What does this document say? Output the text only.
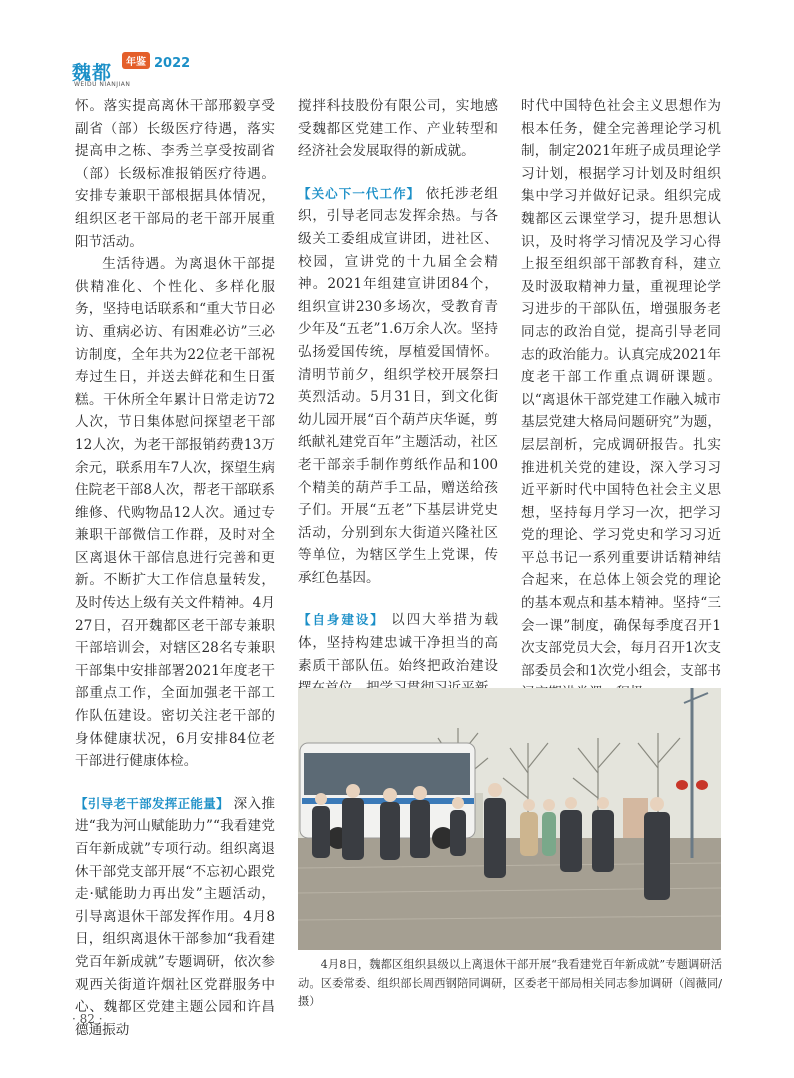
魏都	年鉴 2022
WEIDU NIANJIAN

怀。落实提高离休干部邢毅享受副省（部）长级医疗待遇，落实提高申之栋、李秀兰享受按副省（部）长级标准报销医疗待遇。安排专兼职干部根据具体情况，组织区老干部局的老干部开展重阳节活动。

生活待遇。为离退休干部提供精准化、个性化、多样化服务，坚持电话联系和“重大节日必访、重病必访、有困难必访”三必访制度，全年共为22位老干部祝寿过生日，并送去鲜花和生日蛋糕。干休所全年累计日常走访72人次，节日集体慰问探望老干部12人次，为老干部报销药费13万余元，联系用车7人次，探望生病住院老干部8人次，帮老干部联系维修、代购物品12人次。通过专兼职干部微信工作群，及时对全区离退休干部信息进行完善和更新。不断扩大工作信息量转发，及时传达上级有关文件精神。4月27日，召开魏都区老干部专兼职干部培训会，对辖区28名专兼职干部集中安排部署2021年度老干部重点工作，全面加强老干部工作队伍建设。密切关注老干部的身体健康状况，6月安排84位老干部进行健康体检。

【引导老干部发挥正能量】 深入推进“我为河山赋能助力”“我看建党百年新成就”专项行动。组织离退休干部党支部开展“不忘初心跟党走·赋能助力再出发”主题活动，引导离退休干部发挥作用。4月8日，组织离退休干部参加“我看建党百年新成就”专题调研，依次参观西关街道许烟社区党群服务中心、魏都区党建主题公园和许昌德通振动

搅拌科技股份有限公司，实地感受魏都区党建工作、产业转型和经济社会发展取得的新成就。

【关心下一代工作】 依托涉老组织，引导老同志发挥余热。与各级关工委组成宣讲团，进社区、校园，宣讲党的十九届全会精神。2021年组建宣讲团84个，组织宣讲230多场次，受教育青少年及“五老”1.6万余人次。坚持弘扬爱国传统，厚植爱国情怀。清明节前夕，组织学校开展祭扫英烈活动。5月31日，到文化街幼儿园开展“百个葫芦庆华诞，剪纸献礼建党百年”主题活动，社区老干部亲手制作剪纸作品和100个精美的葫芦手工品，赠送给孩子们。开展“五老”下基层讲党史活动，分别到东大街道兴隆社区等单位，为辖区学生上党课，传承红色基因。

【自身建设】 以四大举措为载体，坚持构建忠诚干净担当的高素质干部队伍。始终把政治建设

时代中国特色社会主义思想作为根本任务，健全完善理论学习机制，制定2021年班子成员理论学习计划，根据学习计划及时组织集中学习并做好记录。组织完成魏都区云课堂学习，提升思想认识，及时将学习情况及学习心得上报至组织部干部教育科，建立及时汲取精神力量，重视理论学习进步的干部队伍，增强服务老同志的政治自觉，提高引导老同志的政治能力。认真完成2021年度老干部工作重点调研课题。以“离退休干部党建工作融入城市基层党建大格局问题研究”为题，层层剖析，完成调研报告。扎实推进机关党的建设，深入学习习近平新时代中国特色社会主义思想，坚持每月学习一次，把学习党的理论、学习党史和学习习近平总书记一系列重要讲话精神结合起来，在总体上领会党的理论的基本观点和基本精神。坚持“三会一课”制度，确保每季度召开1次支部党员大会，每月召开1次支部委员会和1次党小组会，支部书

4月8日，魏都区组织县级以上离退休干部开展“我看建党百年新成就”专题调研活动。区委常委、组织部长周西钢陪同调研，区委老干部局相关同志参加调研（阎薇同/摄）

· 82 ·
